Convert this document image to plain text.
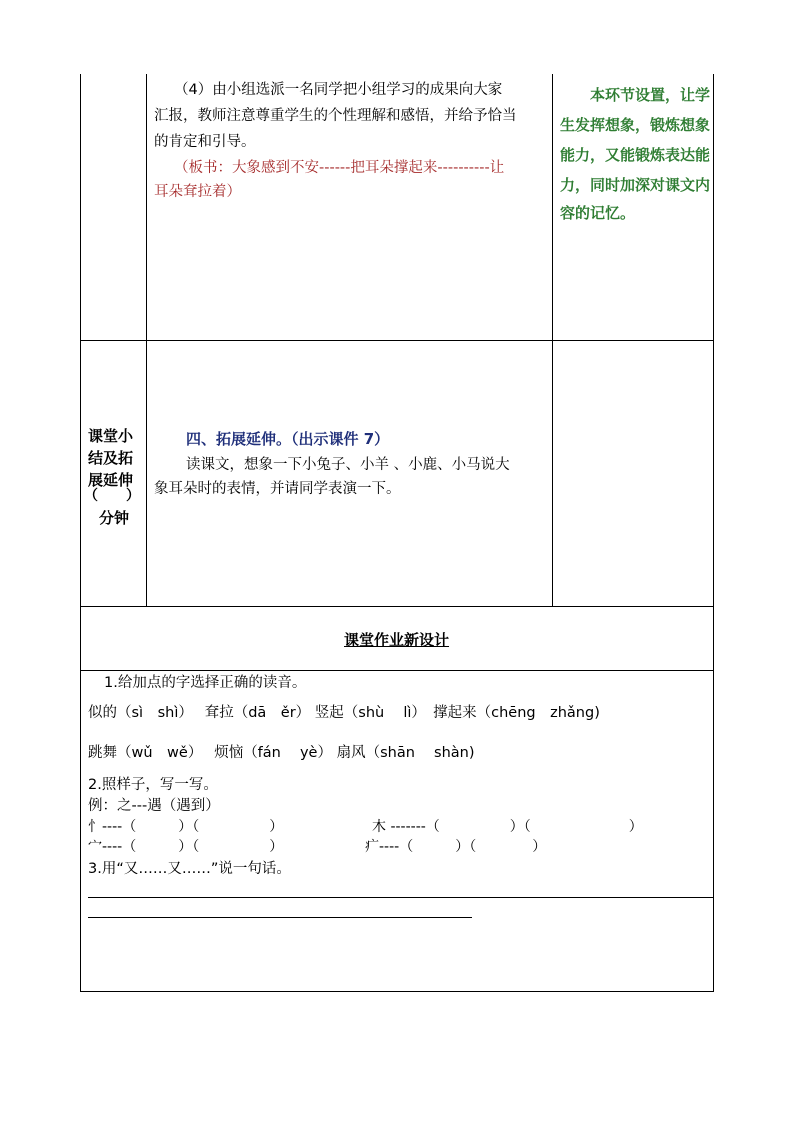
（4）由小组选派一名同学把小组学习的成果向大家
汇报，教师注意尊重学生的个性理解和感悟，并给予恰当
的肯定和引导。
（板书：大象感到不安------把耳朵撑起来----------让
耳朵耷拉着）
本环节设置，让学
生发挥想象，锻炼想象
能力，又能锻炼表达能
力，同时加深对课文内
容的记忆。
课堂小
结及拓
展延伸
（　　）
分钟
四、拓展延伸。（出示课件 7）
读课文，想象一下小兔子、小羊 、小鹿、小马说大
象耳朵时的表情，并请同学表演一下。
课堂作业新设计
1.给加点的字选择正确的读音。
似的（sì　shì）　 耷拉（dā　ěr） 竖起（shù　 lì）　撑起来（chēng　zhǎng)
跳舞（wǔ　wě）　 烦恼（fán　 yè） 扇风（shān　 shàn)
2.照样子，写一写。
例：之---遇（遇到）
忄----（　　　）（　　　　　）	木 -------（　　　　　）（　　　　　　　）
宀----（　　　）（　　　　　）	疒----（　　　）（　　　　）
3.用“又……又……”说一句话。
